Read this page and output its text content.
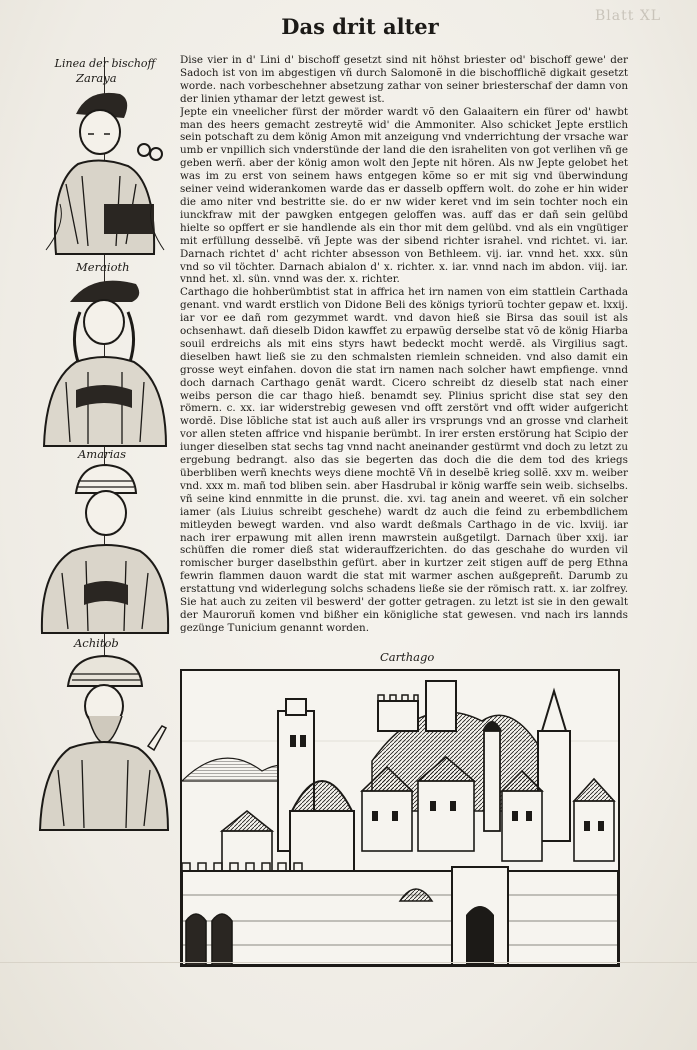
Blatt XL
Das drit alter
Linea der bischoff
Zaraya
Meraioth
Amarias
Achitob

Dise vier in d' Lini d' bischoff gesetzt sind nit höhst briester od' bischoff gewe' der Sadoch ist von im abgestigen vñ durch Salomonẽ in die bischofflichẽ digkait gesetzt worde. nach vorbeschehner absetzung zathar von seiner briesterschaf der damn von der linien ythamar der letzt gewest ist.

Jepte ein vneelicher fürst der mörder wardt võ den Galaaitern ein fürer od' hawbt man des heers gemacht zestreytẽ wid' die Ammoniter. Also schicket Jepte erstlich sein potschaft zu dem könig Amon mit anzeigung vnd vnderrichtung der vrsache war umb er vnpillich sich vnderstünde der land die den israheliten von got verlihen vñ ge geben werñ. aber der könig amon wolt den Jepte nit hören. Als nw Jepte gelobet het was im zu erst von seinem haws entgegen kõme so er mit sig vnd überwindung seiner veind widerankomen warde das er dasselb opffern wolt. do zohe er hin wider die amo niter vnd bestritte sie. do er nw wider keret vnd im sein tochter noch ein iunckfraw mit der pawgken entgegen geloffen was. auff das er dañ sein gelübd hielte so opffert er sie handlende als ein thor mit dem gelübd. vnd als ein vngütiger mit erfüllung desselbẽ. vñ Jepte was der sibend richter israhel. vnd richtet. vi. iar. Darnach richtet d' acht richter absesson von Bethleem. vij. iar. vnnd het. xxx. sün vnd so vil töchter. Darnach abialon d' x. richter. x. iar. vnnd nach im abdon. viij. iar. vnnd het. xl. sün. vnnd was der. x. richter.

Carthago die hohberümbtist stat in affrica het irn namen von eim stattlein Carthada genant. vnd wardt erstlich von Didone Beli des königs tyriorũ tochter gepaw et. lxxij. iar vor ee dañ rom gezymmet wardt. vnd davon hieß sie Birsa das souil ist als ochsenhawt. dañ dieselb Didon kawffet zu erpawũg derselbe stat võ de könig Hiarba souil erdreichs als mit eins styrs hawt bedeckt mocht werdẽ. als Virgilius sagt. dieselben hawt ließ sie zu den schmalsten riemlein schneiden. vnd also damit ein grosse weyt einfahen. dovon die stat irn namen nach solcher hawt empfienge. vnnd doch darnach Carthago genãt wardt. Cicero schreibt dz dieselb stat nach einer weibs person die car thago hieß. benamdt sey. Plinius spricht dise stat sey den römern. c. xx. iar widerstrebig gewesen vnd offt zerstört vnd offt wider aufgericht wordẽ. Dise lõbliche stat ist auch auß aller irs vrsprungs vnd an grosse vnd clarheit vor allen steten affrice vnd hispanie berümbt. In irer ersten erstörung hat Scipio der iunger dieselben stat sechs tag vnnd nacht aneinander gestürmt vnd doch zu letzt zu ergebung bedrangt. also das sie begerten das doch die die dem tod des kriegs überbliben werñ knechts weys diene mochtẽ Vñ in deselbẽ krieg sollẽ. xxv m. weiber vnd. xxx m. mañ tod bliben sein. aber Hasdrubal ir könig warffe sein weib. sichselbs. vñ seine kind ennmitte in die prunst. die. xvi. tag anein and weeret. vñ ein solcher iamer (als Liuius schreibt geschehe) wardt dz auch die feind zu erbembdlichem mitleyden bewegt warden. vnd also wardt deßmals Carthago in de vic. lxviij. iar nach irer erpawung mit allen irenn mawrstein außgetilgt. Darnach über xxij. iar schüffen die romer dieß stat widerauffzerichten. do das geschahe do wurden vil romischer burger daselbsthin gefürt. aber in kurtzer zeit stigen auff de perg Ethna fewrin flammen dauon wardt die stat mit warmer aschen außgepreñt. Darumb zu erstattung vnd widerlegung solchs schadens ließe sie der römisch ratt. x. iar zolfrey. Sie hat auch zu zeiten vil beswerd' der gotter getragen. zu letzt ist sie in den gewalt der Mauroruñ komen vnd bißher ein königliche stat gewesen. vnd nach irs lannds gezünge Tunicium genannt worden.

Carthago
